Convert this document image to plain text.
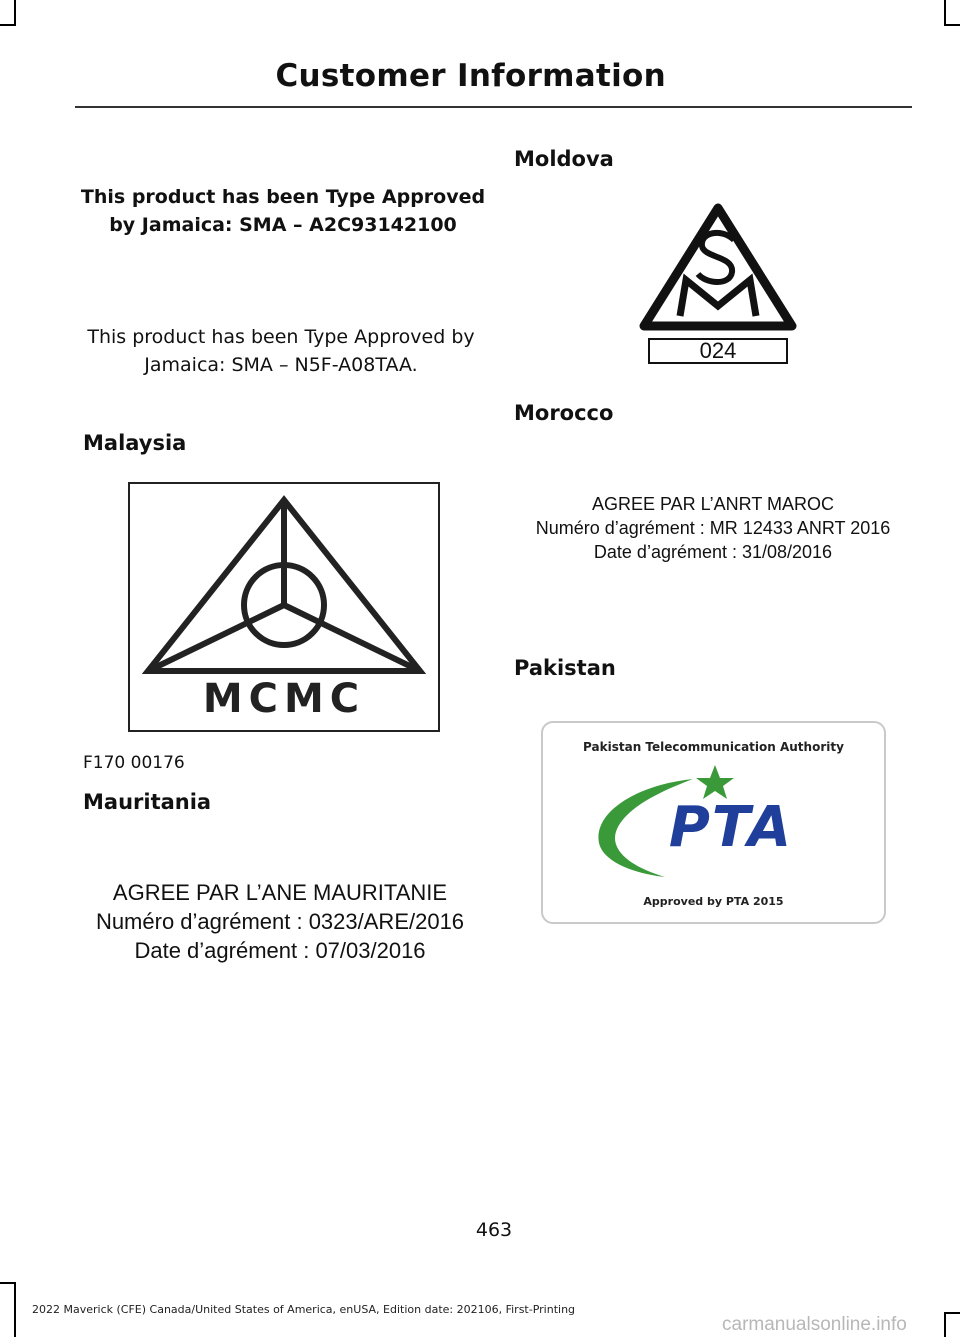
Customer Information
This product has been Type Approved
by Jamaica: SMA – A2C93142100
This product has been Type Approved by
Jamaica: SMA – N5F-A08TAA.
Malaysia
MCMC
F170 00176
Mauritania
AGREE PAR L’ANE MAURITANIE
Numéro d’agrément : 0323/ARE/2016
Date d’agrément : 07/03/2016
Moldova
024
Morocco
AGREE PAR L’ANRT MAROC
Numéro d’agrément : MR 12433 ANRT 2016
Date d’agrément : 31/08/2016
Pakistan
Pakistan Telecommunication Authority
PTA
Approved by PTA 2015
463
2022 Maverick (CFE) Canada/United States of America, enUSA, Edition date: 202106, First-Printing
carmanualsonline.info
